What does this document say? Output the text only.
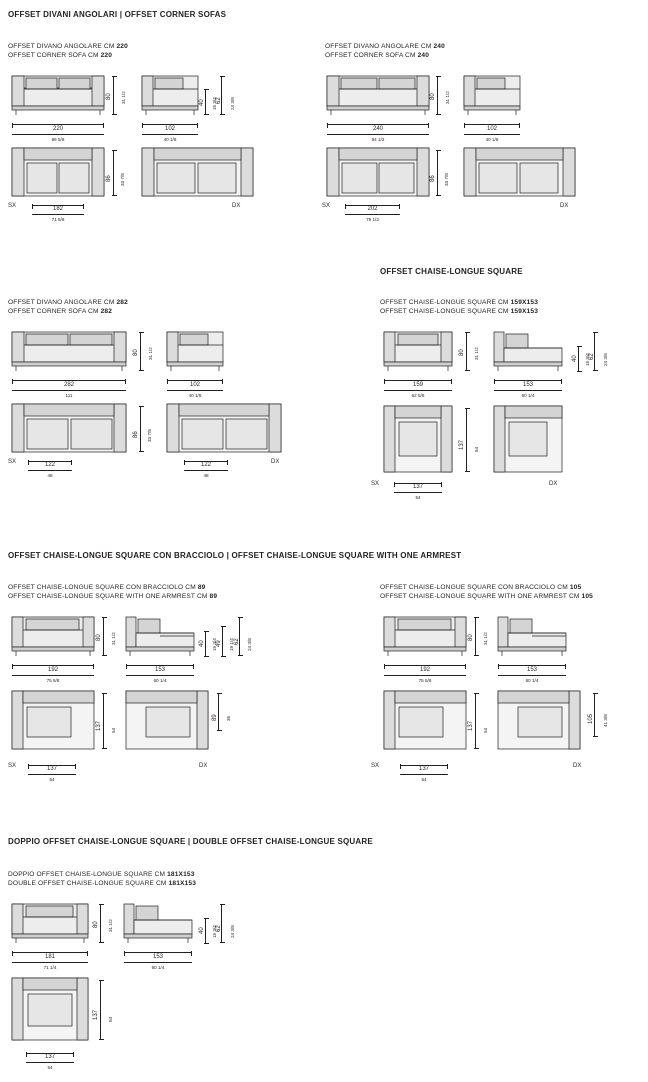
OFFSET DIVANI ANGOLARI | OFFSET CORNER SOFAS
OFFSET DIVANO ANGOLARE CM 220
OFFSET CORNER SOFA CM 220
220
86 5/8
102
40 1/8
80 31 1/2	40 15 3/4 62 24 3/8
86 33 7/8
SX	DX
182
71 5/8
OFFSET DIVANO ANGOLARE CM 240
OFFSET CORNER SOFA CM 240
240
94 1/2
102
40 1/8
80 31 1/2
86 33 7/8
SX	DX
202
79 1/2
OFFSET DIVANO ANGOLARE CM 282
OFFSET CORNER SOFA CM 282
282
111
102
40 1/8
80 31 1/2
86 33 7/8
SX	DX
122
48
122
48
OFFSET CHAISE-LONGUE SQUARE
OFFSET CHAISE-LONGUE SQUARE CM 159X153
OFFSET CHAISE-LONGUE SQUARE CM 159X153
159
62 5/8
153
60 1/4
80 31 1/2	40 15 3/4 62 24 3/8
137 54
SX	DX
137
54
OFFSET CHAISE-LONGUE SQUARE CON BRACCIOLO | OFFSET CHAISE-LONGUE SQUARE WITH ONE ARMREST
OFFSET CHAISE-LONGUE SQUARE CON BRACCIOLO CM 89
OFFSET CHAISE-LONGUE SQUARE WITH ONE ARMREST CM 89
192
75 5/8
153
60 1/4
80 31 1/2	40 15 3/4 49 19 1/4 62 24 3/8
137 54
89 35
SX	DX
137
54
OFFSET CHAISE-LONGUE SQUARE CON BRACCIOLO CM 105
OFFSET CHAISE-LONGUE SQUARE WITH ONE ARMREST CM 105
192
75 5/8
153
60 1/4
80 31 1/2
137 54
105 41 3/8
SX	DX
137
54
DOPPIO OFFSET CHAISE-LONGUE SQUARE | DOUBLE OFFSET CHAISE-LONGUE SQUARE
DOPPIO OFFSET CHAISE-LONGUE SQUARE CM 181X153
DOUBLE OFFSET CHAISE-LONGUE SQUARE CM 181X153
181
71 1/4
153
60 1/4
80 31 1/2	40 15 3/4 62 24 3/8
137 54
137
54
